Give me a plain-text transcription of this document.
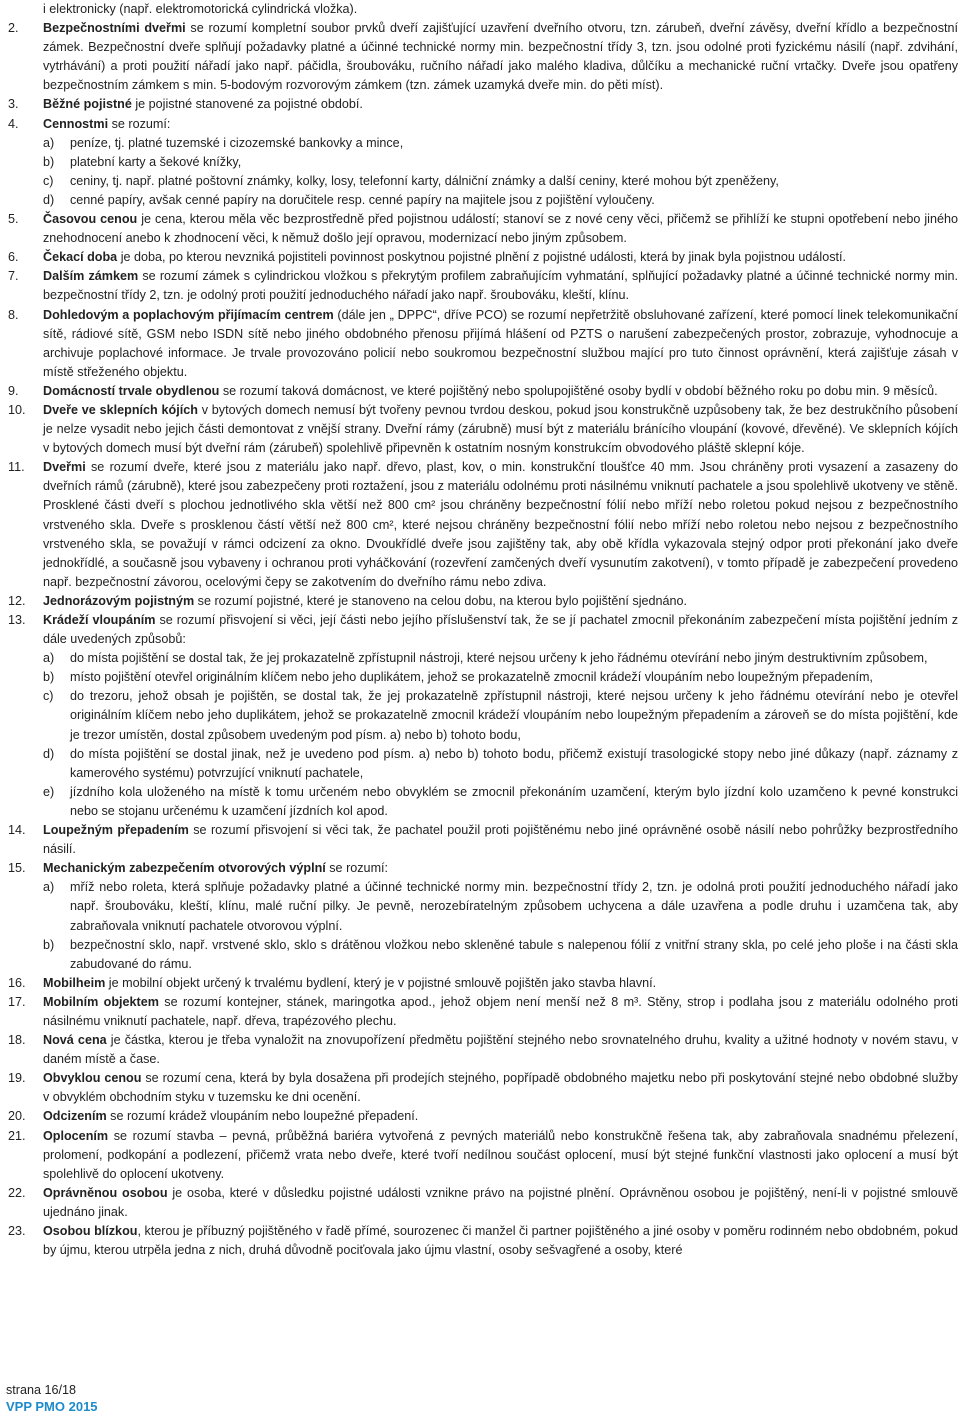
i elektronicky (např. elektromotorická cylindrická vložka).
2.	Bezpečnostními dveřmi se rozumí kompletní soubor prvků dveří zajišťující uzavření dveřního otvoru, tzn. zárubeň, dveřní závěsy, dveřní křídlo a bezpečnostní zámek. Bezpečnostní dveře splňují požadavky platné a účinné technické normy min. bezpečnostní třídy 3, tzn. jsou odolné proti fyzickému násilí (např. zdvihání, vytrhávání) a proti použití nářadí jako např. páčidla, šroubováku, ručního nářadí jako malého kladiva, důlčíku a mechanické ruční vrtačky. Dveře jsou opatřeny bezpečnostním zámkem s min. 5-bodovým rozvorovým zámkem (tzn. zámek uzamyká dveře min. do pěti míst).
3.	Běžné pojistné je pojistné stanovené za pojistné období.
4.	Cennostmi se rozumí:
a)	peníze, tj. platné tuzemské i cizozemské bankovky a mince,
b)	platební karty a šekové knížky,
c)	ceniny, tj. např. platné poštovní známky, kolky, losy, telefonní karty, dálniční známky a další ceniny, které mohou být zpeněženy,
d)	cenné papíry, avšak cenné papíry na doručitele resp. cenné papíry na majitele jsou z pojištění vyloučeny.
5.	Časovou cenou je cena, kterou měla věc bezprostředně před pojistnou událostí; stanoví se z nové ceny věci, přičemž se přihlíží ke stupni opotřebení nebo jiného znehodnocení anebo k zhodnocení věci, k němuž došlo její opravou, modernizací nebo jiným způsobem.
6.	Čekací doba je doba, po kterou nevzniká pojistiteli povinnost poskytnou pojistné plnění z pojistné události, která by jinak byla pojistnou událostí.
7.	Dalším zámkem se rozumí zámek s cylindrickou vložkou s překrytým profilem zabraňujícím vyhmatání, splňující požadavky platné a účinné technické normy min. bezpečnostní třídy 2, tzn. je odolný proti použití jednoduchého nářadí jako např. šroubováku, kleští, klínu.
8.	Dohledovým a poplachovým přijímacím centrem (dále jen „ DPPC“, dříve PCO) se rozumí nepřetržitě obsluhované zařízení, které pomocí linek telekomunikační sítě, rádiové sítě, GSM nebo ISDN sítě nebo jiného obdobného přenosu přijímá hlášení od PZTS o narušení zabezpečených prostor, zobrazuje, vyhodnocuje a archivuje poplachové informace. Je trvale provozováno policií nebo soukromou bezpečnostní službou mající pro tuto činnost oprávnění, která zajišťuje zásah v místě střeženého objektu.
9.	Domácností trvale obydlenou se rozumí taková domácnost, ve které pojištěný nebo spolupojištěné osoby bydlí v období běžného roku po dobu min. 9 měsíců.
10.	Dveře ve sklepních kójích v bytových domech nemusí být tvořeny pevnou tvrdou deskou, pokud jsou konstrukčně uzpůsobeny tak, že bez destrukčního působení je nelze vysadit nebo jejich části demontovat z vnější strany. Dveřní rámy (zárubně) musí být z materiálu bránícího vloupání (kovové, dřevěné). Ve sklepních kójích v bytových domech musí být dveřní rám (zárubeň) spolehlivě připevněn k ostatním nosným konstrukcím obvodového pláště sklepní kóje.
11.	Dveřmi se rozumí dveře, které jsou z materiálu jako např. dřevo, plast, kov, o min. konstrukční tloušťce 40 mm. Jsou chráněny proti vysazení a zasazeny do dveřních rámů (zárubně), které jsou zabezpečeny proti roztažení, jsou z materiálu odolnému proti násilnému vniknutí pachatele a jsou spolehlivě ukotveny ve stěně. Prosklené části dveří s plochou jednotlivého skla větší než 800 cm² jsou chráněny bezpečnostní fólií nebo mříží nebo roletou pokud nejsou z bezpečnostního vrstveného skla. Dveře s prosklenou částí větší než 800 cm², které nejsou chráněny bezpečnostní fólií nebo mříží nebo roletou nebo nejsou z bezpečnostního vrstveného skla, se považují v rámci odcizení za okno. Dvoukřídlé dveře jsou zajištěny tak, aby obě křídla vykazovala stejný odpor proti překonání jako dveře jednokřídlé, a současně jsou vybaveny i ochranou proti vyháčkování (rozevření zamčených dveří vysunutím zakotvení), v tomto případě je zabezpečení provedeno např. bezpečnostní závorou, ocelovými čepy se zakotvením do dveřního rámu nebo zdiva.
12.	Jednorázovým pojistným se rozumí pojistné, které je stanoveno na celou dobu, na kterou bylo pojištění sjednáno.
13.	Krádeží vloupáním se rozumí přisvojení si věci, její části nebo jejího příslušenství tak, že se jí pachatel zmocnil překonáním zabezpečení místa pojištění jedním z dále uvedených způsobů:
a)	do místa pojištění se dostal tak, že jej prokazatelně zpřístupnil nástroji, které nejsou určeny k jeho řádnému otevírání nebo jiným destruktivním způsobem,
b)	místo pojištění otevřel originálním klíčem nebo jeho duplikátem, jehož se prokazatelně zmocnil krádeží vloupáním nebo loupežným přepadením,
c)	do trezoru, jehož obsah je pojištěn, se dostal tak, že jej prokazatelně zpřístupnil nástroji, které nejsou určeny k jeho řádnému otevírání nebo je otevřel originálním klíčem nebo jeho duplikátem, jehož se prokazatelně zmocnil krádeží vloupáním nebo loupežným přepadením a zároveň se do místa pojištění, kde je trezor umístěn, dostal způsobem uvedeným pod písm. a) nebo b) tohoto bodu,
d)	do místa pojištění se dostal jinak, než je uvedeno pod písm. a) nebo b) tohoto bodu, přičemž existují trasologické stopy nebo jiné důkazy (např. záznamy z kamerového systému) potvrzující vniknutí pachatele,
e)	jízdního kola uloženého na místě k tomu určeném nebo obvyklém se zmocnil překonáním uzamčení, kterým bylo jízdní kolo uzamčeno k pevné konstrukci nebo se stojanu určenému k uzamčení jízdních kol apod.
14.	Loupežným přepadením se rozumí přisvojení si věci tak, že pachatel použil proti pojištěnému nebo jiné oprávněné osobě násilí nebo pohrůžky bezprostředního násilí.
15.	Mechanickým zabezpečením otvorových výplní se rozumí:
a)	mříž nebo roleta, která splňuje požadavky platné a účinné technické normy min. bezpečnostní třídy 2, tzn. je odolná proti použití jednoduchého nářadí jako např. šroubováku, kleští, klínu, malé ruční pilky. Je pevně, nerozebíratelným způsobem uchycena a dále uzavřena a podle druhu i uzamčena tak, aby zabraňovala vniknutí pachatele otvorovou výplní.
b)	bezpečnostní sklo, např. vrstvené sklo, sklo s drátěnou vložkou nebo skleněné tabule s nalepenou fólií z vnitřní strany skla, po celé jeho ploše i na části skla zabudované do rámu.
16.	Mobilheim je mobilní objekt určený k trvalému bydlení, který je v pojistné smlouvě pojištěn jako stavba hlavní.
17.	Mobilním objektem se rozumí kontejner, stánek, maringotka apod., jehož objem není menší než 8 m³. Stěny, strop i podlaha jsou z materiálu odolného proti násilnému vniknutí pachatele, např. dřeva, trapézového plechu.
18.	Nová cena je částka, kterou je třeba vynaložit na znovupořízení předmětu pojištění stejného nebo srovnatelného druhu, kvality a užitné hodnoty v novém stavu, v daném místě a čase.
19.	Obvyklou cenou se rozumí cena, která by byla dosažena při prodejích stejného, popřípadě obdobného majetku nebo při poskytování stejné nebo obdobné služby v obvyklém obchodním styku v tuzemsku ke dni ocenění.
20.	Odcizením se rozumí krádež vloupáním nebo loupežné přepadení.
21.	Oplocením se rozumí stavba – pevná, průběžná bariéra vytvořená z pevných materiálů nebo konstrukčně řešena tak, aby zabraňovala snadnému přelezení, prolomení, podkopání a podlezení, přičemž vrata nebo dveře, které tvoří nedílnou součást oplocení, musí být stejné funkční vlastnosti jako oplocení a musí být spolehlivě do oplocení ukotveny.
22.	Oprávněnou osobou je osoba, které v důsledku pojistné události vznikne právo na pojistné plnění. Oprávněnou osobou je pojištěný, není-li v pojistné smlouvě ujednáno jinak.
23.	Osobou blízkou, kterou je příbuzný pojištěného v řadě přímé, sourozenec či manžel či partner pojištěného a jiné osoby v poměru rodinném nebo obdobném, pokud by újmu, kterou utrpěla jedna z nich, druhá důvodně pociťovala jako újmu vlastní, osoby sešvagřené a osoby, které
strana 16/18
VPP PMO 2015
